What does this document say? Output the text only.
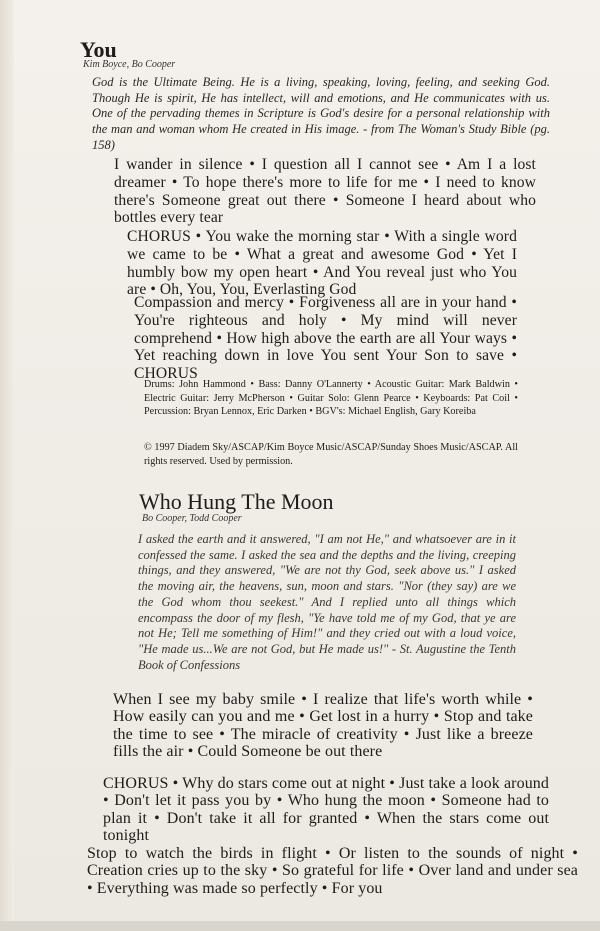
You

Kim Boyce, Bo Cooper

God is the Ultimate Being. He is a living, speaking, loving, feeling, and seeking God. Though He is spirit, He has intellect, will and emotions, and He communicates with us. One of the pervading themes in Scripture is God's desire for a personal relationship with the man and woman whom He created in His image. - from The Woman's Study Bible (pg. 158)

I wander in silence • I question all I cannot see • Am I a lost dreamer • To hope there's more to life for me • I need to know there's Someone great out there • Someone I heard about who bottles every tear

CHORUS • You wake the morning star • With a single word we came to be • What a great and awesome God • Yet I humbly bow my open heart • And You reveal just who You are • Oh, You, You, Everlasting God

Compassion and mercy • Forgiveness all are in your hand • You're righteous and holy • My mind will never comprehend • How high above the earth are all Your ways • Yet reaching down in love You sent Your Son to save • CHORUS

Drums: John Hammond • Bass: Danny O'Lannerty • Acoustic Guitar: Mark Baldwin • Electric Guitar: Jerry McPherson • Guitar Solo: Glenn Pearce • Keyboards: Pat Coil • Percussion: Bryan Lennox, Eric Darken • BGV's: Michael English, Gary Koreiba

© 1997 Diadem Sky/ASCAP/Kim Boyce Music/ASCAP/Sunday Shoes Music/ASCAP. All rights reserved. Used by permission.

Who Hung The Moon

Bo Cooper, Todd Cooper

I asked the earth and it answered, "I am not He," and whatsoever are in it confessed the same. I asked the sea and the depths and the living, creeping things, and they answered, "We are not thy God, seek above us." I asked the moving air, the heavens, sun, moon and stars. "Nor (they say) are we the God whom thou seekest." And I replied unto all things which encompass the door of my flesh, "Ye have told me of my God, that ye are not He; Tell me something of Him!" and they cried out with a loud voice, "He made us...We are not God, but He made us!" - St. Augustine the Tenth Book of Confessions

When I see my baby smile • I realize that life's worth while • How easily can you and me • Get lost in a hurry • Stop and take the time to see • The miracle of creativity • Just like a breeze fills the air • Could Someone be out there

CHORUS • Why do stars come out at night • Just take a look around • Don't let it pass you by • Who hung the moon • Someone had to plan it • Don't take it all for granted • When the stars come out tonight

Stop to watch the birds in flight • Or listen to the sounds of night • Creation cries up to the sky • So grateful for life • Over land and under sea • Everything was made so perfectly • For you
